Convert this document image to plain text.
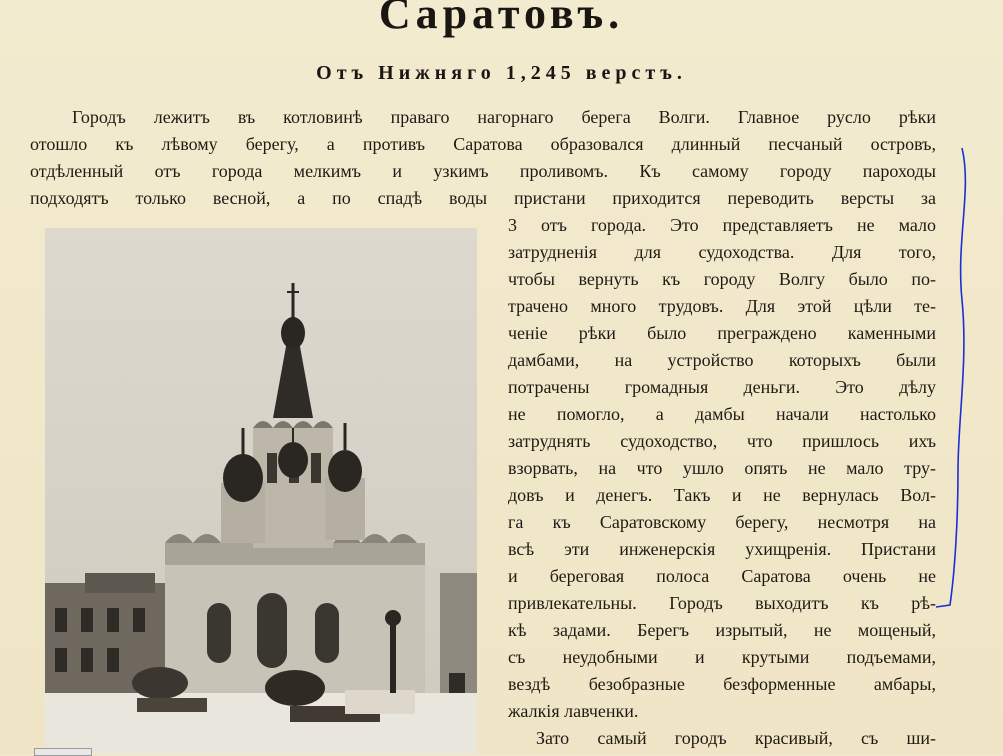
Саратовъ.
Отъ Нижняго 1,245 верстъ.
Городъ лежитъ въ котловинѣ праваго нагорнаго берега Волги. Главное русло рѣки
отошло къ лѣвому берегу, а противъ Саратова образовался длинный песчаный островъ,
отдѣленный отъ города мелкимъ и узкимъ проливомъ. Къ самому городу пароходы
подходятъ только весной, а по спадѣ воды пристани приходится переводить версты за
3 отъ города. Это представляетъ не мало
затрудненія для судоходства. Для того,
чтобы вернуть къ городу Волгу было по-
трачено много трудовъ. Для этой цѣли те-
ченіе рѣки было преграждено каменными
дамбами, на устройство которыхъ были
потрачены громадныя деньги. Это дѣлу
не помогло, а дамбы начали настолько
затруднять судоходство, что пришлось ихъ
взорвать, на что ушло опять не мало тру-
довъ и денегъ. Такъ и не вернулась Вол-
га къ Саратовскому берегу, несмотря на
всѣ эти инженерскія ухищренія. Пристани
и береговая полоса Саратова очень не
привлекательны. Городъ выходитъ къ рѣ-
кѣ задами. Берегъ изрытый, не мощеный,
съ неудобными и крутыми подъемами,
вездѣ безобразные безформенные амбары,
жалкія лавченки.
Зато самый городъ красивый, съ ши-
